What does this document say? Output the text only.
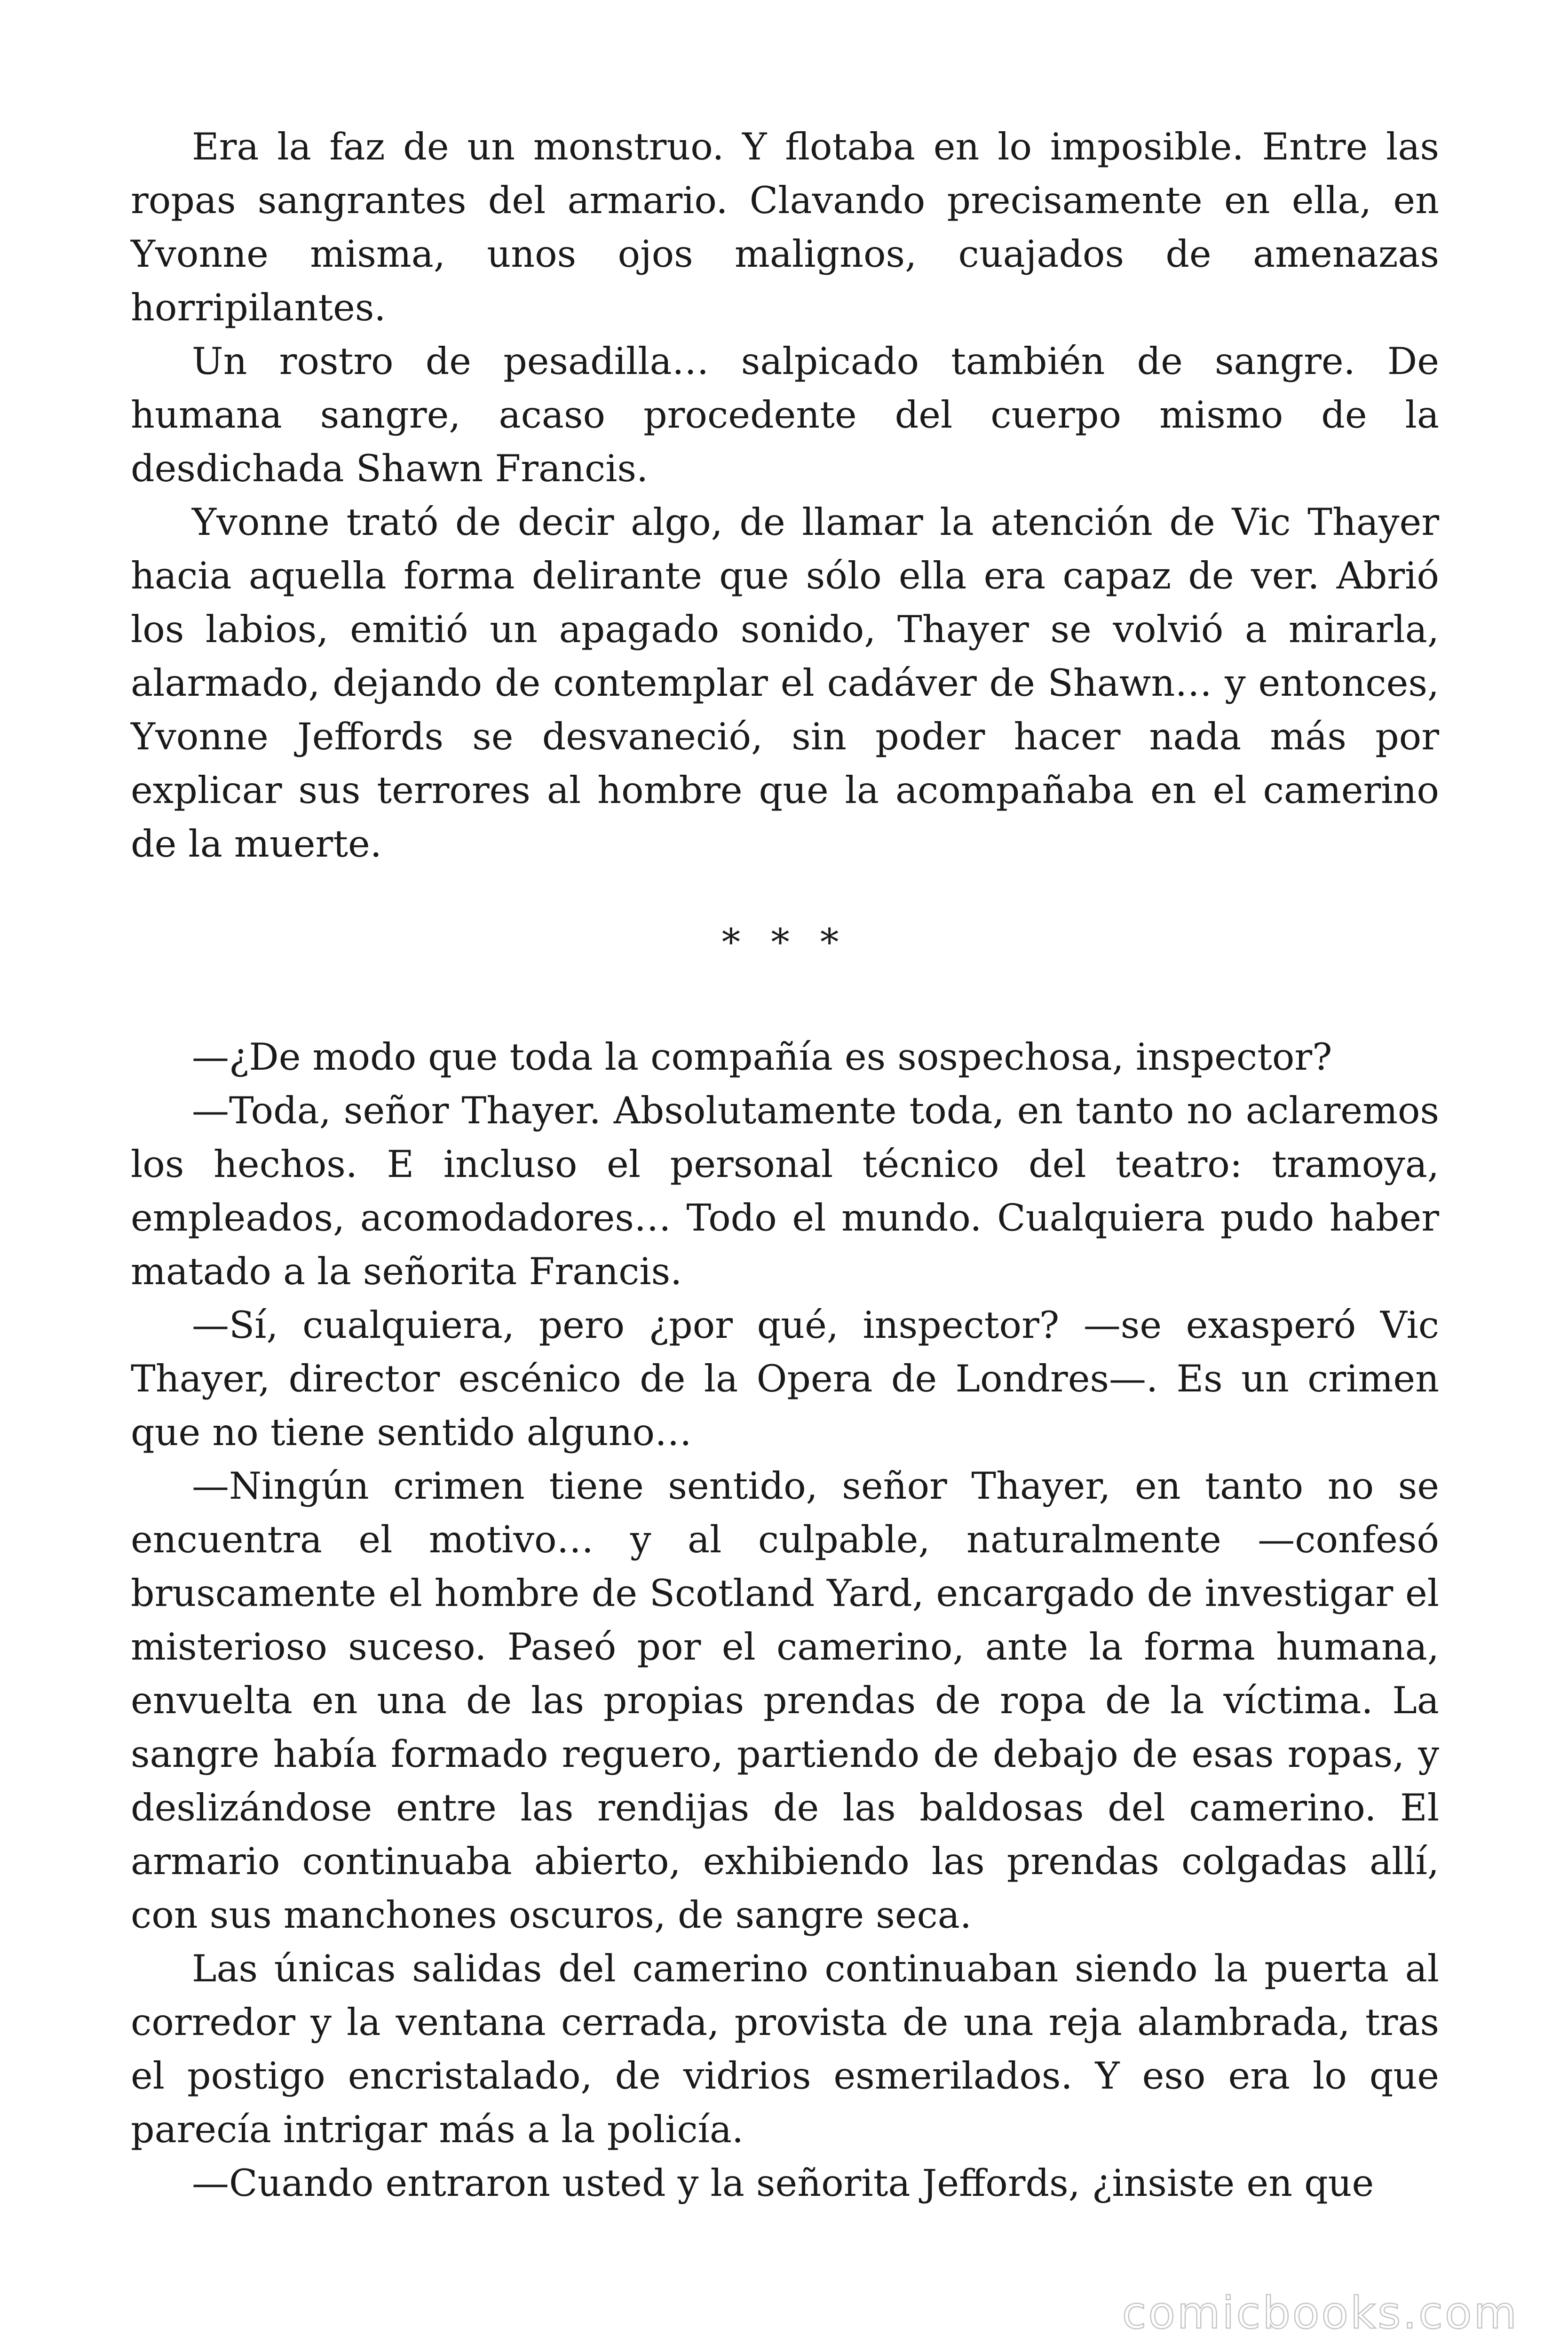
Era la faz de un monstruo. Y flotaba en lo imposible. Entre las ropas sangrantes del armario. Clavando precisamente en ella, en Yvonne misma, unos ojos malignos, cuajados de amenazas horripilantes.

Un rostro de pesadilla… salpicado también de sangre. De humana sangre, acaso procedente del cuerpo mismo de la desdichada Shawn Francis.

Yvonne trató de decir algo, de llamar la atención de Vic Thayer hacia aquella forma delirante que sólo ella era capaz de ver. Abrió los labios, emitió un apagado sonido, Thayer se volvió a mirarla, alarmado, dejando de contemplar el cadáver de Shawn… y entonces, Yvonne Jeffords se desvaneció, sin poder hacer nada más por explicar sus terrores al hombre que la acompañaba en el camerino de la muerte.

* * *

—¿De modo que toda la compañía es sospechosa, inspector?

—Toda, señor Thayer. Absolutamente toda, en tanto no aclaremos los hechos. E incluso el personal técnico del teatro: tramoya, empleados, acomodadores… Todo el mundo. Cualquiera pudo haber matado a la señorita Francis.

—Sí, cualquiera, pero ¿por qué, inspector? —se exasperó Vic Thayer, director escénico de la Opera de Londres—. Es un crimen que no tiene sentido alguno…

—Ningún crimen tiene sentido, señor Thayer, en tanto no se encuentra el motivo… y al culpable, naturalmente —confesó bruscamente el hombre de Scotland Yard, encargado de investigar el misterioso suceso. Paseó por el camerino, ante la forma humana, envuelta en una de las propias prendas de ropa de la víctima. La sangre había formado reguero, partiendo de debajo de esas ropas, y deslizándose entre las rendijas de las baldosas del camerino. El armario continuaba abierto, exhibiendo las prendas colgadas allí, con sus manchones oscuros, de sangre seca.

Las únicas salidas del camerino continuaban siendo la puerta al corredor y la ventana cerrada, provista de una reja alambrada, tras el postigo encristalado, de vidrios esmerilados. Y eso era lo que parecía intrigar más a la policía.

—Cuando entraron usted y la señorita Jeffords, ¿insiste en que

comicbooks.com
